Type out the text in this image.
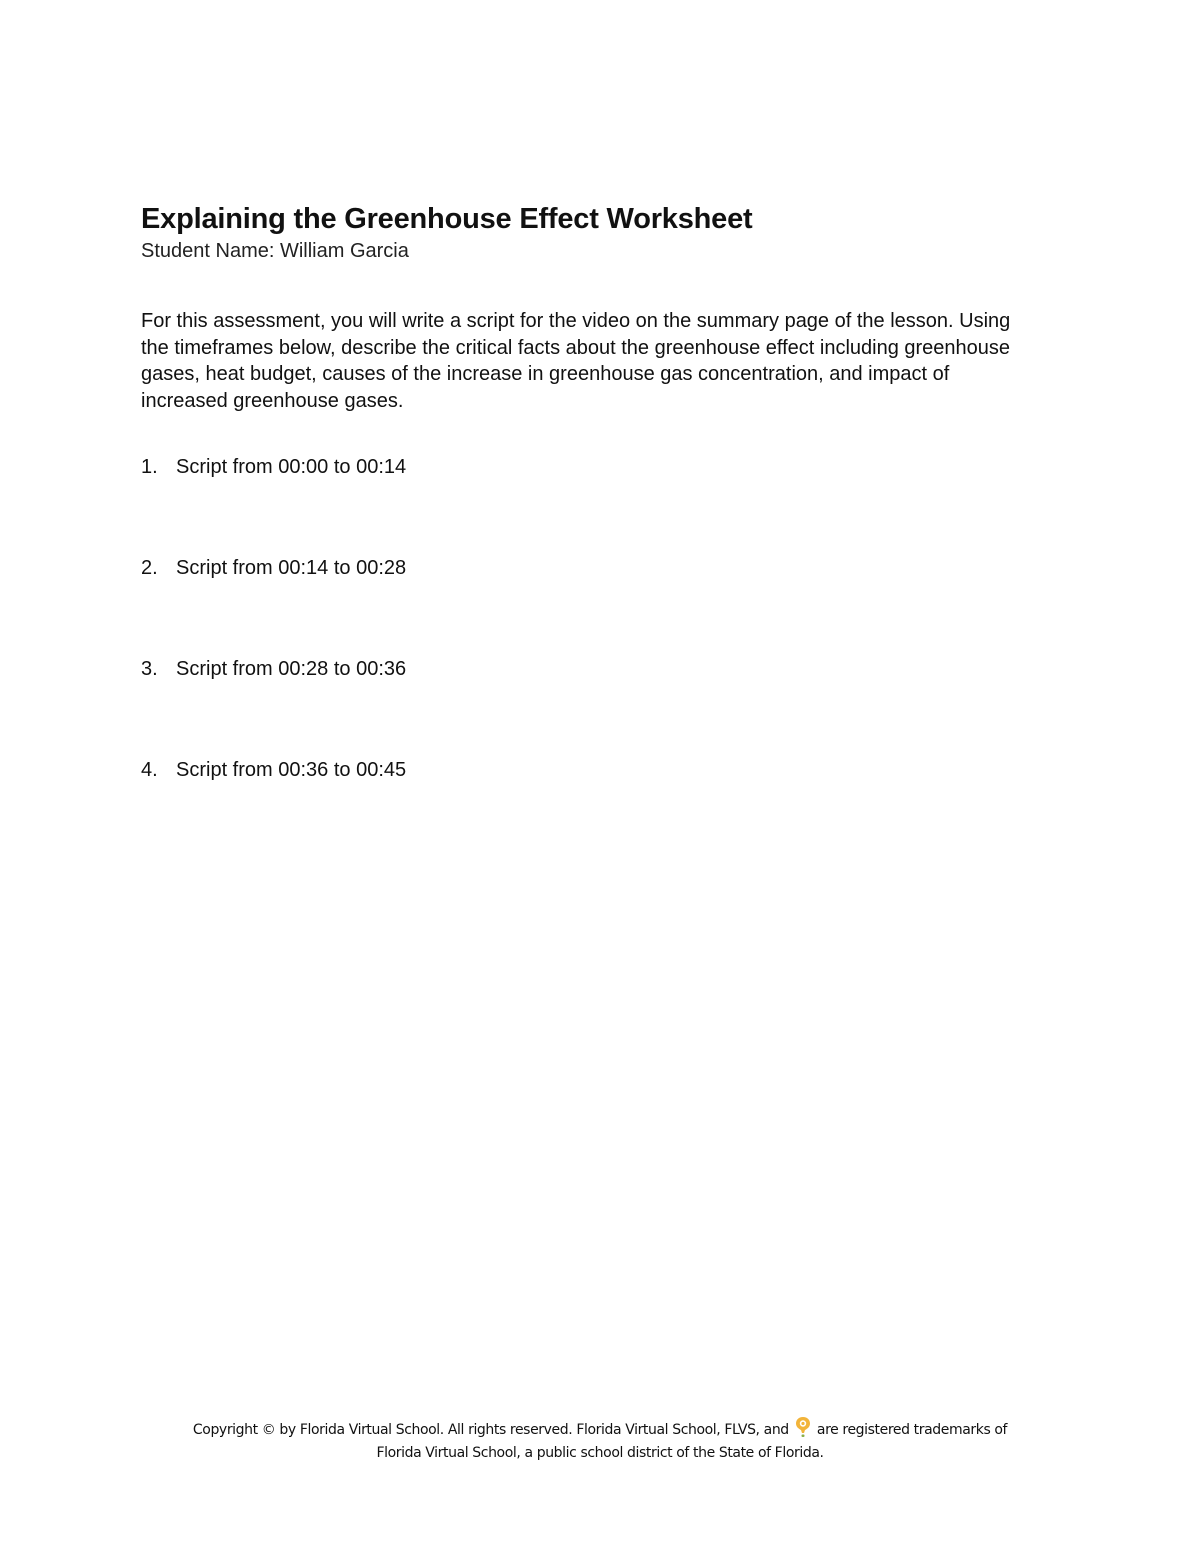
Explaining the Greenhouse Effect Worksheet

Student Name: William Garcia

For this assessment, you will write a script for the video on the summary page of the lesson. Using the timeframes below, describe the critical facts about the greenhouse effect including greenhouse gases, heat budget, causes of the increase in greenhouse gas concentration, and impact of increased greenhouse gases.

1. Script from 00:00 to 00:14
2. Script from 00:14 to 00:28
3. Script from 00:28 to 00:36
4. Script from 00:36 to 00:45
Copyright © by Florida Virtual School. All rights reserved. Florida Virtual School, FLVS, and are registered trademarks of
Florida Virtual School, a public school district of the State of Florida.
